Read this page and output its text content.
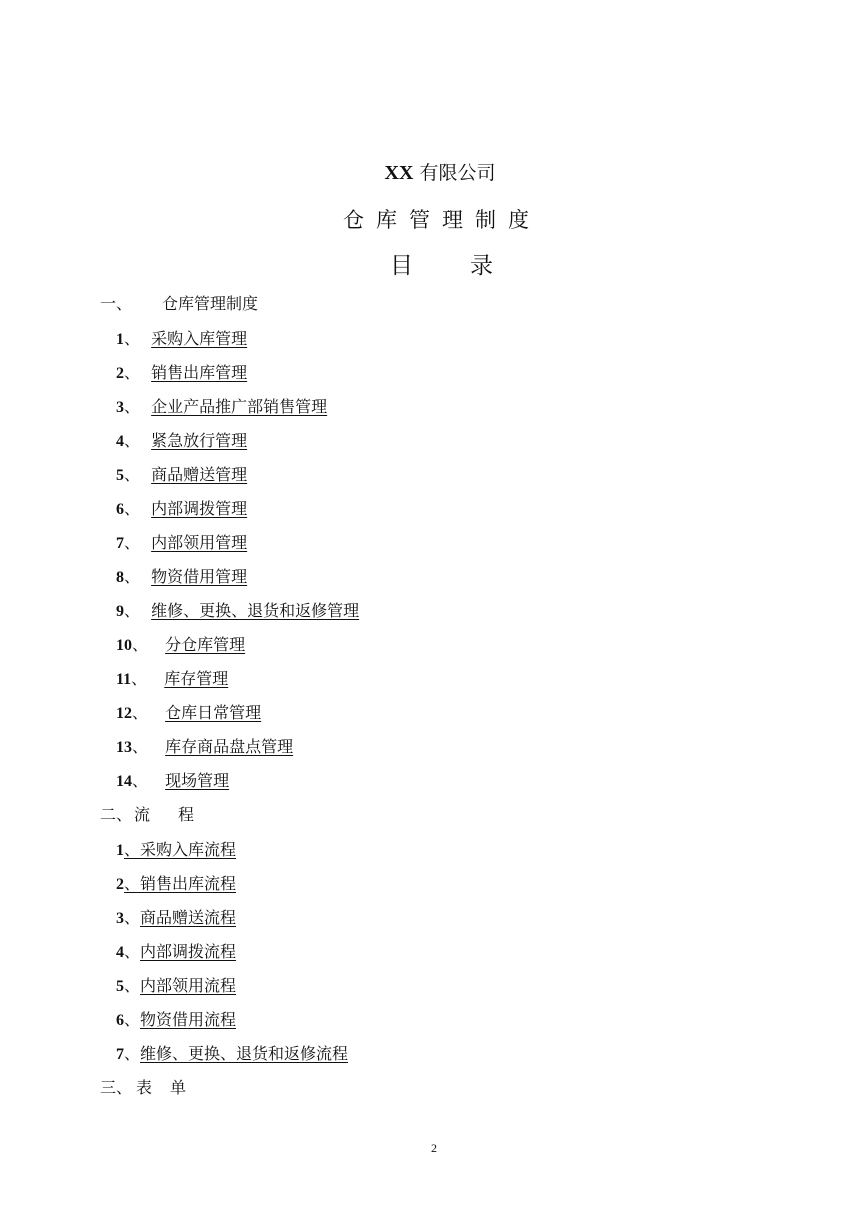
XX 有限公司
仓库管理制度
目 录
一、 仓库管理制度
1、 采购入库管理
2、 销售出库管理
3、 企业产品推广部销售管理
4、 紧急放行管理
5、 商品赠送管理
6、 内部调拨管理
7、 内部领用管理
8、 物资借用管理
9、 维修、更换、退货和返修管理
10、 分仓库管理
11、 库存管理
12、 仓库日常管理
13、 库存商品盘点管理
14、 现场管理
二、 流 程
1、采购入库流程
2、销售出库流程
3、商品赠送流程
4、内部调拨流程
5、内部领用流程
6、物资借用流程
7、维修、更换、退货和返修流程
三、 表 单
2
